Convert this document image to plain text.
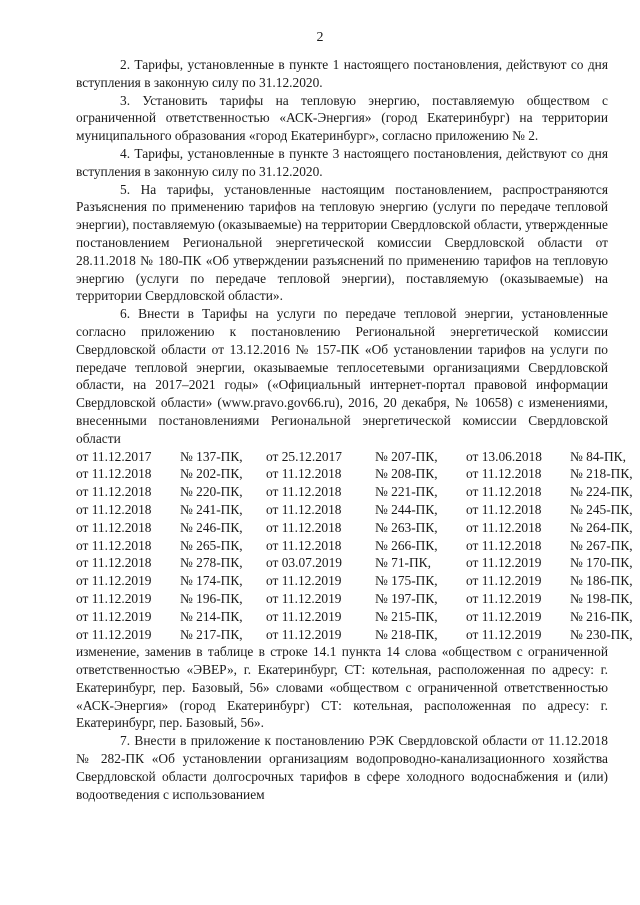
2

2. Тарифы, установленные в пункте 1 настоящего постановления, действуют со дня вступления в законную силу по 31.12.2020.

3. Установить тарифы на тепловую энергию, поставляемую обществом с ограниченной ответственностью «АСК-Энергия» (город Екатеринбург) на территории муниципального образования «город Екатеринбург», согласно приложению № 2.

4. Тарифы, установленные в пункте 3 настоящего постановления, действуют со дня вступления в законную силу по 31.12.2020.

5. На тарифы, установленные настоящим постановлением, распространяются Разъяснения по применению тарифов на тепловую энергию (услуги по передаче тепловой энергии), поставляемую (оказываемые) на территории Свердловской области, утвержденные постановлением Региональной энергетической комиссии Свердловской области от 28.11.2018 № 180-ПК «Об утверждении разъяснений по применению тарифов на тепловую энергию (услуги по передаче тепловой энергии), поставляемую (оказываемые) на территории Свердловской области».

6. Внести в Тарифы на услуги по передаче тепловой энергии, установленные согласно приложению к постановлению Региональной энергетической комиссии Свердловской области от 13.12.2016 № 157-ПК «Об установлении тарифов на услуги по передаче тепловой энергии, оказываемые теплосетевыми организациями Свердловской области, на 2017–2021 годы» («Официальный интернет-портал правовой информации Свердловской области» (www.pravo.gov66.ru), 2016, 20 декабря, № 10658) с изменениями, внесенными постановлениями Региональной энергетической комиссии Свердловской области

от 11.12.2017	№ 137-ПК,	от 25.12.2017	№ 207-ПК,	от 13.06.2018	№ 84-ПК,
от 11.12.2018	№ 202-ПК,	от 11.12.2018	№ 208-ПК,	от 11.12.2018	№ 218-ПК,
от 11.12.2018	№ 220-ПК,	от 11.12.2018	№ 221-ПК,	от 11.12.2018	№ 224-ПК,
от 11.12.2018	№ 241-ПК,	от 11.12.2018	№ 244-ПК,	от 11.12.2018	№ 245-ПК,
от 11.12.2018	№ 246-ПК,	от 11.12.2018	№ 263-ПК,	от 11.12.2018	№ 264-ПК,
от 11.12.2018	№ 265-ПК,	от 11.12.2018	№ 266-ПК,	от 11.12.2018	№ 267-ПК,
от 11.12.2018	№ 278-ПК,	от 03.07.2019	№ 71-ПК,	от 11.12.2019	№ 170-ПК,
от 11.12.2019	№ 174-ПК,	от 11.12.2019	№ 175-ПК,	от 11.12.2019	№ 186-ПК,
от 11.12.2019	№ 196-ПК,	от 11.12.2019	№ 197-ПК,	от 11.12.2019	№ 198-ПК,
от 11.12.2019	№ 214-ПК,	от 11.12.2019	№ 215-ПК,	от 11.12.2019	№ 216-ПК,
от 11.12.2019	№ 217-ПК,	от 11.12.2019	№ 218-ПК,	от 11.12.2019	№ 230-ПК,

изменение, заменив в таблице в строке 14.1 пункта 14 слова «обществом с ограниченной ответственностью «ЭВЕР», г. Екатеринбург, СТ: котельная, расположенная по адресу: г. Екатеринбург, пер. Базовый, 56» словами «обществом с ограниченной ответственностью «АСК-Энергия» (город Екатеринбург) СТ: котельная, расположенная по адресу: г. Екатеринбург, пер. Базовый, 56».

7. Внести в приложение к постановлению РЭК Свердловской области от 11.12.2018 № 282-ПК «Об установлении организациям водопроводно-канализационного хозяйства Свердловской области долгосрочных тарифов в сфере холодного водоснабжения и (или) водоотведения с использованием
